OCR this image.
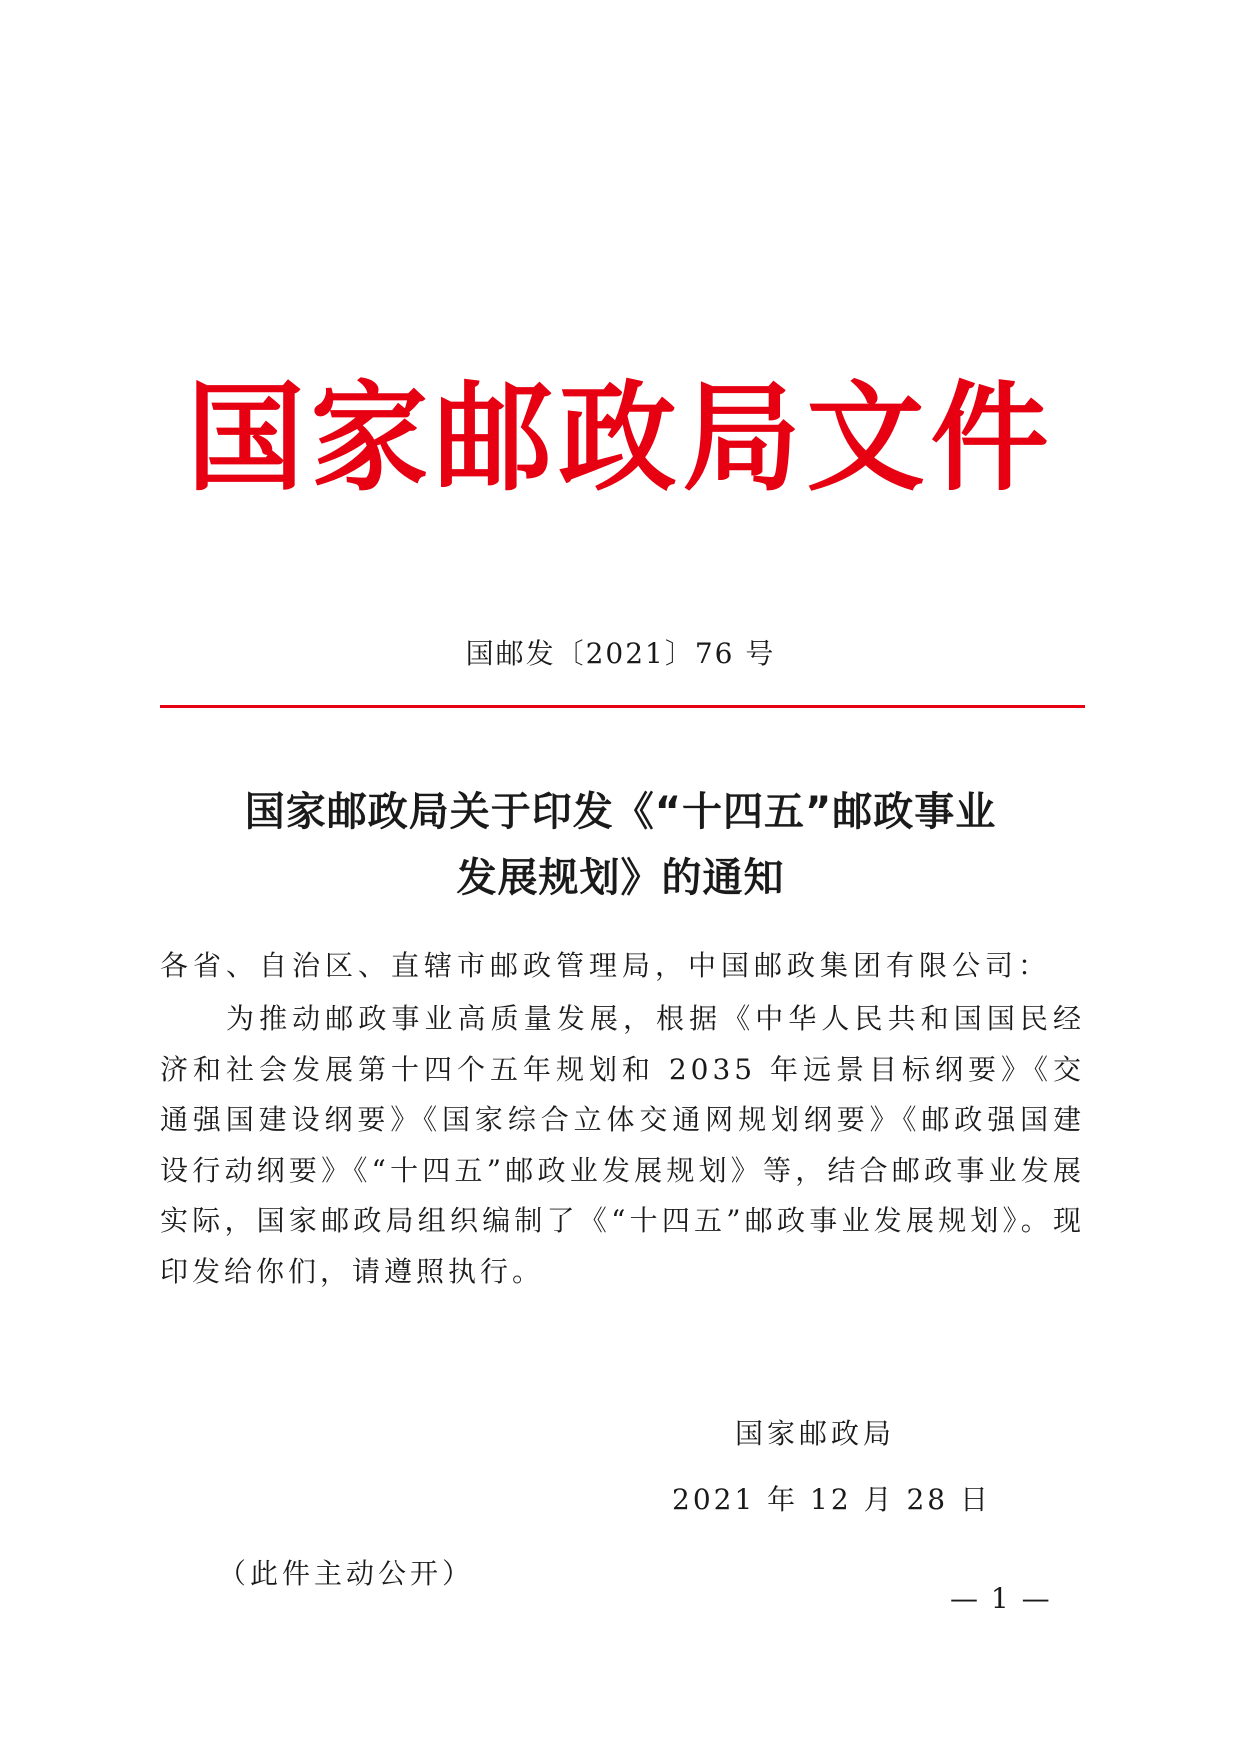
国家邮政局文件
国邮发〔2021〕76 号
国家邮政局关于印发《“十四五”邮政事业
发展规划》的通知
各省、自治区、直辖市邮政管理局，中国邮政集团有限公司：
为推动邮政事业高质量发展，根据《中华人民共和国国民经济和社会发展第十四个五年规划和 2035 年远景目标纲要》《交通强国建设纲要》《国家综合立体交通网规划纲要》《邮政强国建设行动纲要》《“十四五”邮政业发展规划》等，结合邮政事业发展实际，国家邮政局组织编制了《“十四五”邮政事业发展规划》。现印发给你们，请遵照执行。
国家邮政局
2021 年 12 月 28 日
（此件主动公开）
— 1 —
